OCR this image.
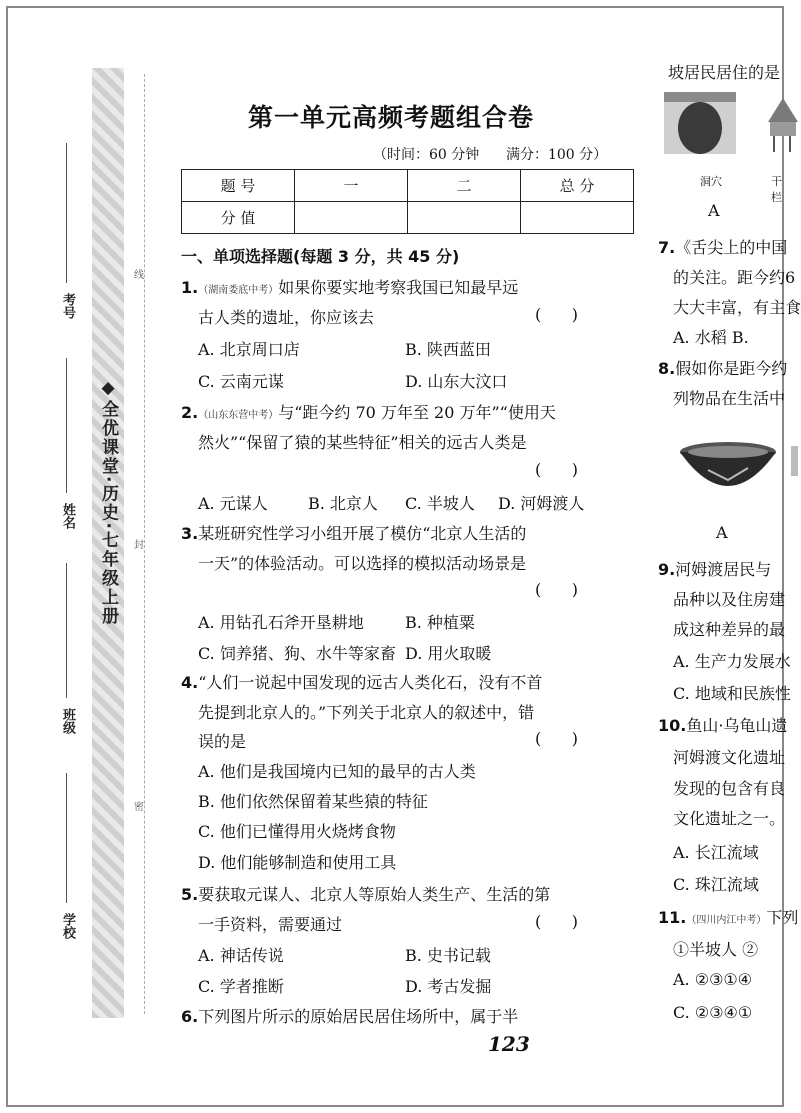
◆全优课堂·历史·七年级上册
考号
姓名
班级
学校
线
封
密
第一单元高频考题组合卷
（时间：60 分钟      满分：100 分）
题 号	一	二	总 分
分 值			
一、单项选择题(每题 3 分，共 45 分)
1.（湖南娄底中考）如果你要实地考察我国已知最早远
古人类的遗址，你应该去	(      )
A. 北京周口店	B. 陕西蓝田
C. 云南元谋	D. 山东大汶口
2.（山东东营中考）与“距今约 70 万年至 20 万年”“使用天
然火”“保留了猿的某些特征”相关的远古人类是
(      )
A. 元谋人	B. 北京人 C. 半坡人 D. 河姆渡人
3.某班研究性学习小组开展了模仿“北京人生活的
一天”的体验活动。可以选择的模拟活动场景是
(      )
A. 用钻孔石斧开垦耕地	B. 种植粟
C. 饲养猪、狗、水牛等家畜 D. 用火取暖
4.“人们一说起中国发现的远古人类化石，没有不首
先提到北京人的。”下列关于北京人的叙述中，错
误的是	(      )
A. 他们是我国境内已知的最早的古人类
B. 他们依然保留着某些猿的特征
C. 他们已懂得用火烧烤食物
D. 他们能够制造和使用工具
5.要获取元谋人、北京人等原始人类生产、生活的第
一手资料，需要通过	(      )
A. 神话传说	B. 史书记载
C. 学者推断	D. 考古发掘
6.下列图片所示的原始居民居住场所中，属于半
123
坡居民居住的是
洞穴	干栏
A
7.《舌尖上的中国
的关注。距今约6
大大丰富，有主食
A. 水稻 B.
8.假如你是距今约
列物品在生活中
A
9.河姆渡居民与
品种以及住房建
成这种差异的最
A. 生产力发展水
C. 地域和民族性
10.鱼山·乌龟山遗
河姆渡文化遗址
发现的包含有良
文化遗址之一。
A. 长江流域
C. 珠江流域
11.（四川内江中考）下列
①半坡人 ②
A. ②③①④
C. ②③④①
